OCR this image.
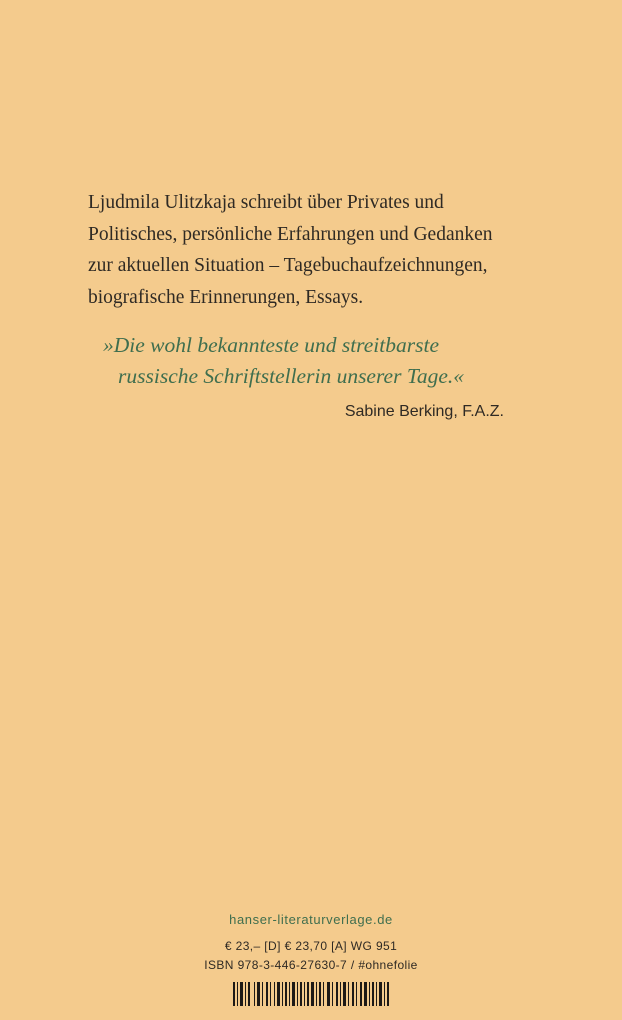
Ljudmila Ulitzkaja schreibt über Privates und
Politisches, persönliche Erfahrungen und Gedanken
zur aktuellen Situation – Tagebuchaufzeichnungen,
biografische Erinnerungen, Essays.
»Die wohl bekannteste und streitbarste
russische Schriftstellerin unserer Tage.«
Sabine Berking, F.A.Z.
hanser-literaturverlage.de
€ 23,– [D] € 23,70 [A] WG 951
ISBN 978-3-446-27630-7 / #ohnefolie
